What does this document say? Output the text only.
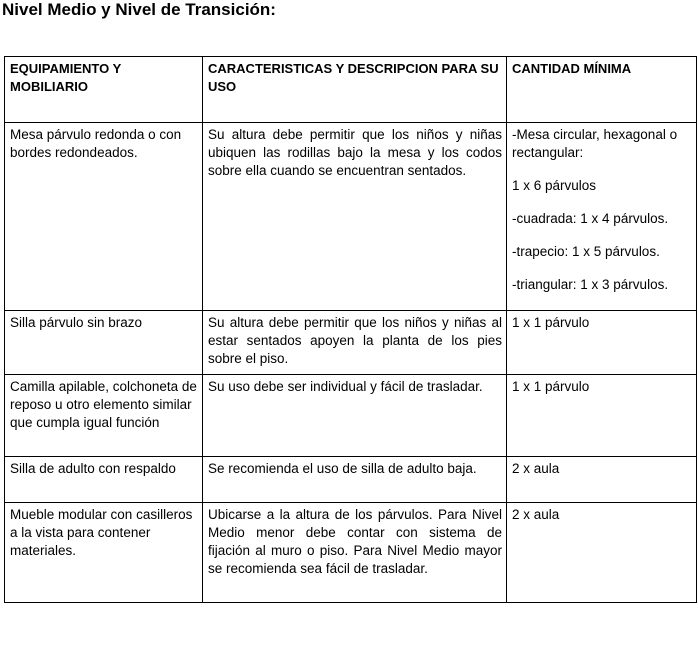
Nivel Medio y Nivel de Transición:
EQUIPAMIENTO Y MOBILIARIO	CARACTERISTICAS Y DESCRIPCION PARA SU USO	CANTIDAD MÍNIMA
Mesa párvulo redonda o con bordes redondeados.	Su altura debe permitir que los niños y niñas ubiquen las rodillas bajo la mesa y los codos sobre ella cuando se encuentran sentados.	-Mesa circular, hexagonal o rectangular:
1 x 6 párvulos
-cuadrada: 1 x 4 párvulos.
-trapecio: 1 x 5 párvulos.
-triangular: 1 x 3 párvulos.

Silla párvulo sin brazo	Su altura debe permitir que los niños y niñas al estar sentados apoyen la planta de los pies sobre el piso.	1 x 1 párvulo
Camilla apilable, colchoneta de reposo u otro elemento similar que cumpla igual función	Su uso debe ser individual y fácil de trasladar.	1 x 1 párvulo
Silla de adulto con respaldo	Se recomienda el uso de silla de adulto baja.	2 x aula
Mueble modular con casilleros a la vista para contener materiales.	Ubicarse a la altura de los párvulos. Para Nivel Medio menor debe contar con sistema de fijación al muro o piso. Para Nivel Medio mayor se recomienda sea fácil de trasladar.	2 x aula
